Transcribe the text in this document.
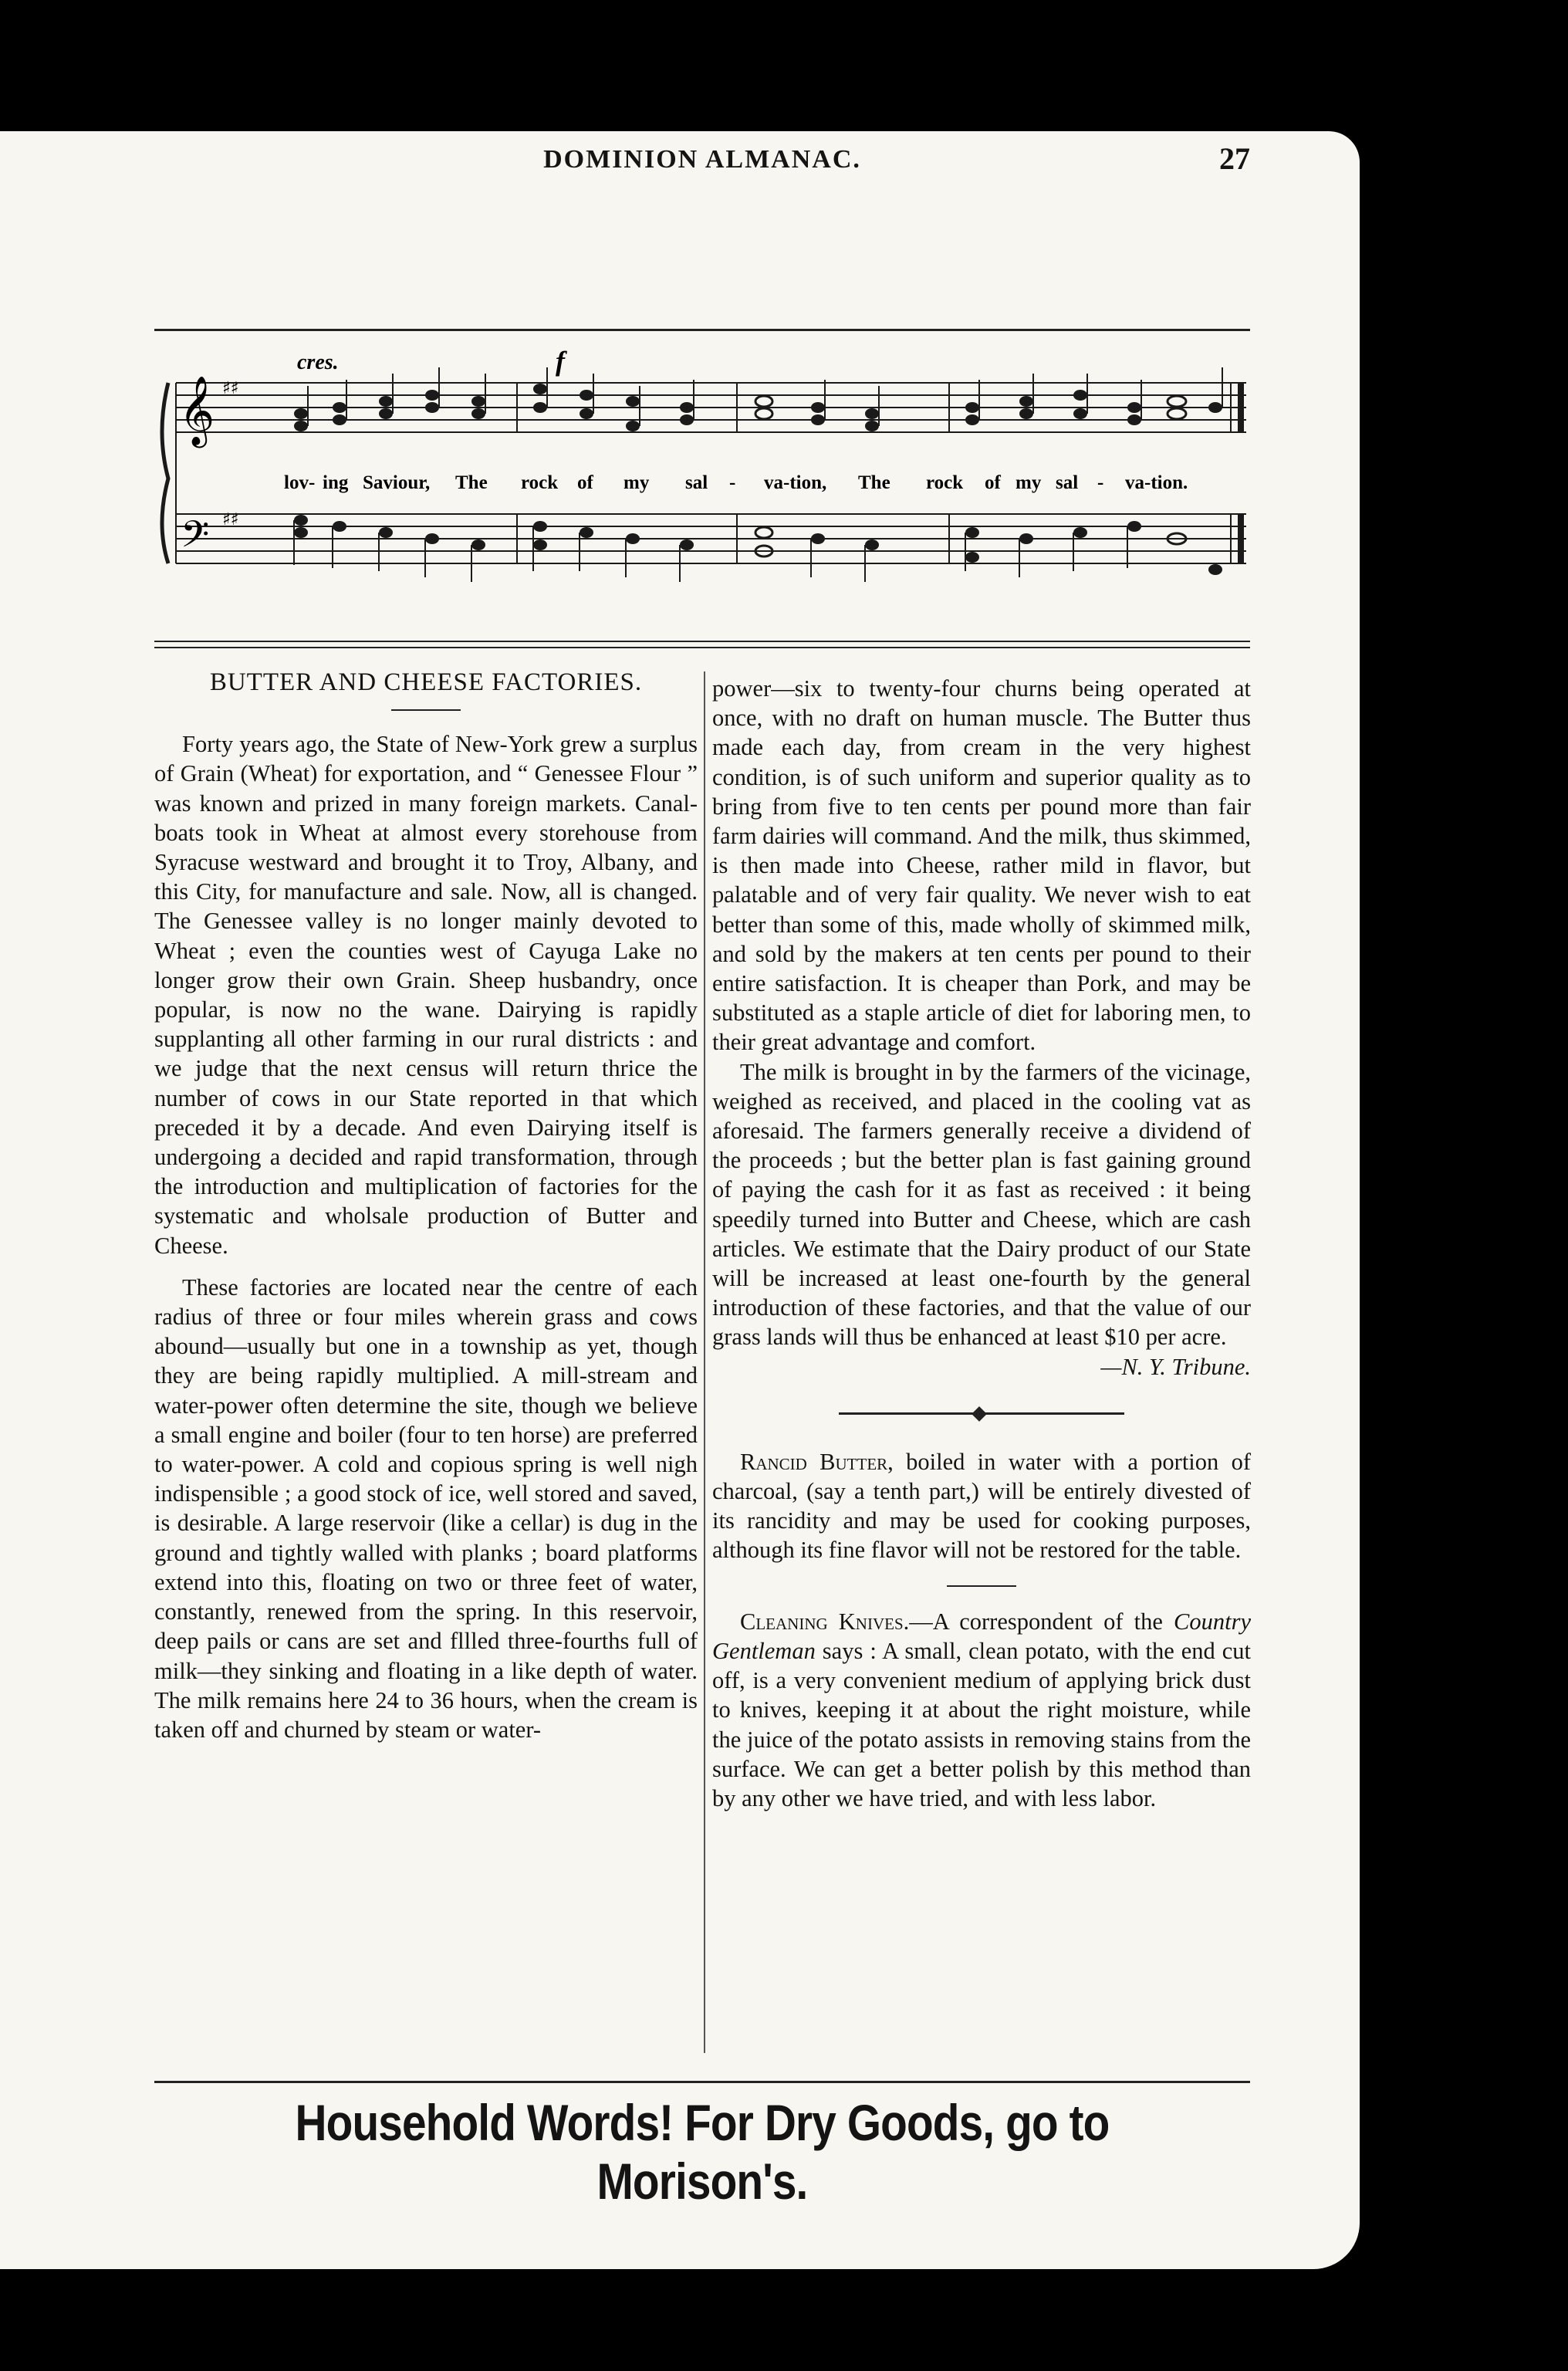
DOMINION ALMANAC.	27
cres.	f
𝄞
𝄢
♯♯
♯♯
lov- ing Saviour, The rock of my sal - va-tion, The rock of my sal - va-tion.
BUTTER AND CHEESE FACTORIES.

Forty years ago, the State of New-York grew a surplus of Grain (Wheat) for exportation, and “ Genessee Flour ” was known and prized in many foreign markets. Canal-boats took in Wheat at almost every storehouse from Syracuse westward and brought it to Troy, Albany, and this City, for manufacture and sale. Now, all is changed. The Genessee valley is no longer mainly devoted to Wheat ; even the counties west of Cayuga Lake no longer grow their own Grain. Sheep husbandry, once popular, is now no the wane. Dairying is rapidly supplanting all other farming in our rural districts : and we judge that the next census will return thrice the number of cows in our State reported in that which preceded it by a decade. And even Dairying itself is undergoing a decided and rapid transformation, through the introduction and multiplication of factories for the systematic and wholsale production of Butter and Cheese.

These factories are located near the centre of each radius of three or four miles wherein grass and cows abound—usually but one in a township as yet, though they are being rapidly multiplied. A mill-stream and water-power often determine the site, though we believe a small engine and boiler (four to ten horse) are preferred to water-power. A cold and copious spring is well nigh indispensible ; a good stock of ice, well stored and saved, is desirable. A large reservoir (like a cellar) is dug in the ground and tightly walled with planks ; board platforms extend into this, floating on two or three feet of water, constantly, renewed from the spring. In this reservoir, deep pails or cans are set and fllled three-fourths full of milk—they sinking and floating in a like depth of water. The milk remains here 24 to 36 hours, when the cream is taken off and churned by steam or water-

power—six to twenty-four churns being operated at once, with no draft on human muscle. The Butter thus made each day, from cream in the very highest condition, is of such uniform and superior quality as to bring from five to ten cents per pound more than fair farm dairies will command. And the milk, thus skimmed, is then made into Cheese, rather mild in flavor, but palatable and of very fair quality. We never wish to eat better than some of this, made wholly of skimmed milk, and sold by the makers at ten cents per pound to their entire satisfaction. It is cheaper than Pork, and may be substituted as a staple article of diet for laboring men, to their great advantage and comfort.

The milk is brought in by the farmers of the vicinage, weighed as received, and placed in the cooling vat as aforesaid. The farmers generally receive a dividend of the proceeds ; but the better plan is fast gaining ground of paying the cash for it as fast as received : it being speedily turned into Butter and Cheese, which are cash articles. We estimate that the Dairy product of our State will be increased at least one-fourth by the general introduction of these factories, and that the value of our grass lands will thus be enhanced at least $10 per acre.

—N. Y. Tribune.

Rancid Butter, boiled in water with a portion of charcoal, (say a tenth part,) will be entirely divested of its rancidity and may be used for cooking purposes, although its fine flavor will not be restored for the table.

Cleaning Knives.—A correspondent of the Country Gentleman says : A small, clean potato, with the end cut off, is a very convenient medium of applying brick dust to knives, keeping it at about the right moisture, while the juice of the potato assists in removing stains from the surface. We can get a better polish by this method than by any other we have tried, and with less labor.

Household Words! For Dry Goods, go to Morison's.
